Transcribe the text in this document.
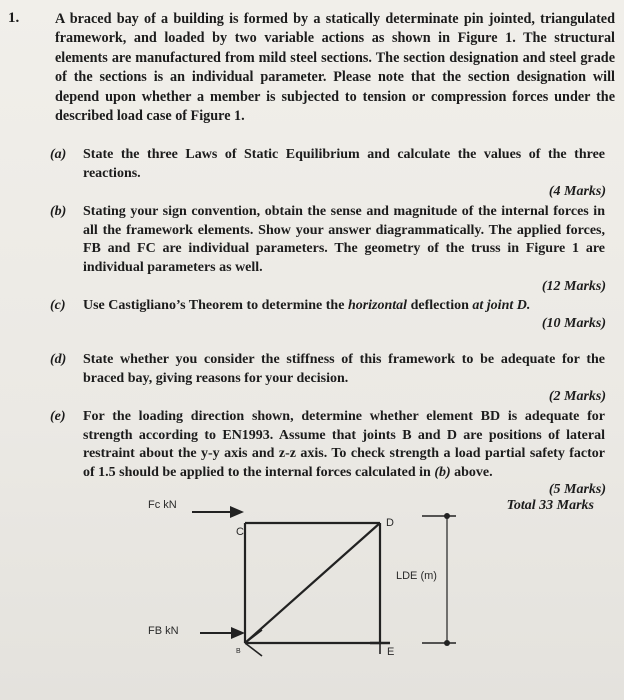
1.	A braced bay of a building is formed by a statically determinate pin jointed, triangulated framework, and loaded by two variable actions as shown in Figure 1. The structural elements are manufactured from mild steel sections. The section designation and steel grade of the sections is an individual parameter. Please note that the section designation will depend upon whether a member is subjected to tension or compression forces under the described load case of Figure 1.
(a) State the three Laws of Static Equilibrium and calculate the values of the three reactions.
(4 Marks)
(b) Stating your sign convention, obtain the sense and magnitude of the internal forces in all the framework elements. Show your answer diagrammatically. The applied forces, FB and FC are individual parameters. The geometry of the truss in Figure 1 are individual parameters as well.
(12 Marks)
(c) Use Castigliano’s Theorem to determine the horizontal deflection at joint D.
(10 Marks)
(d) State whether you consider the stiffness of this framework to be adequate for the braced bay, giving reasons for your decision.
(2 Marks)
(e) For the loading direction shown, determine whether element BD is adequate for strength according to EN1993. Assume that joints B and D are positions of lateral restraint about the y-y axis and z-z axis. To check strength a load partial safety factor of 1.5 should be applied to the internal forces calculated in (b) above.
(5 Marks)
Total 33 Marks
Fc kN
FB kN
LDE (m)
C
D
E
B
